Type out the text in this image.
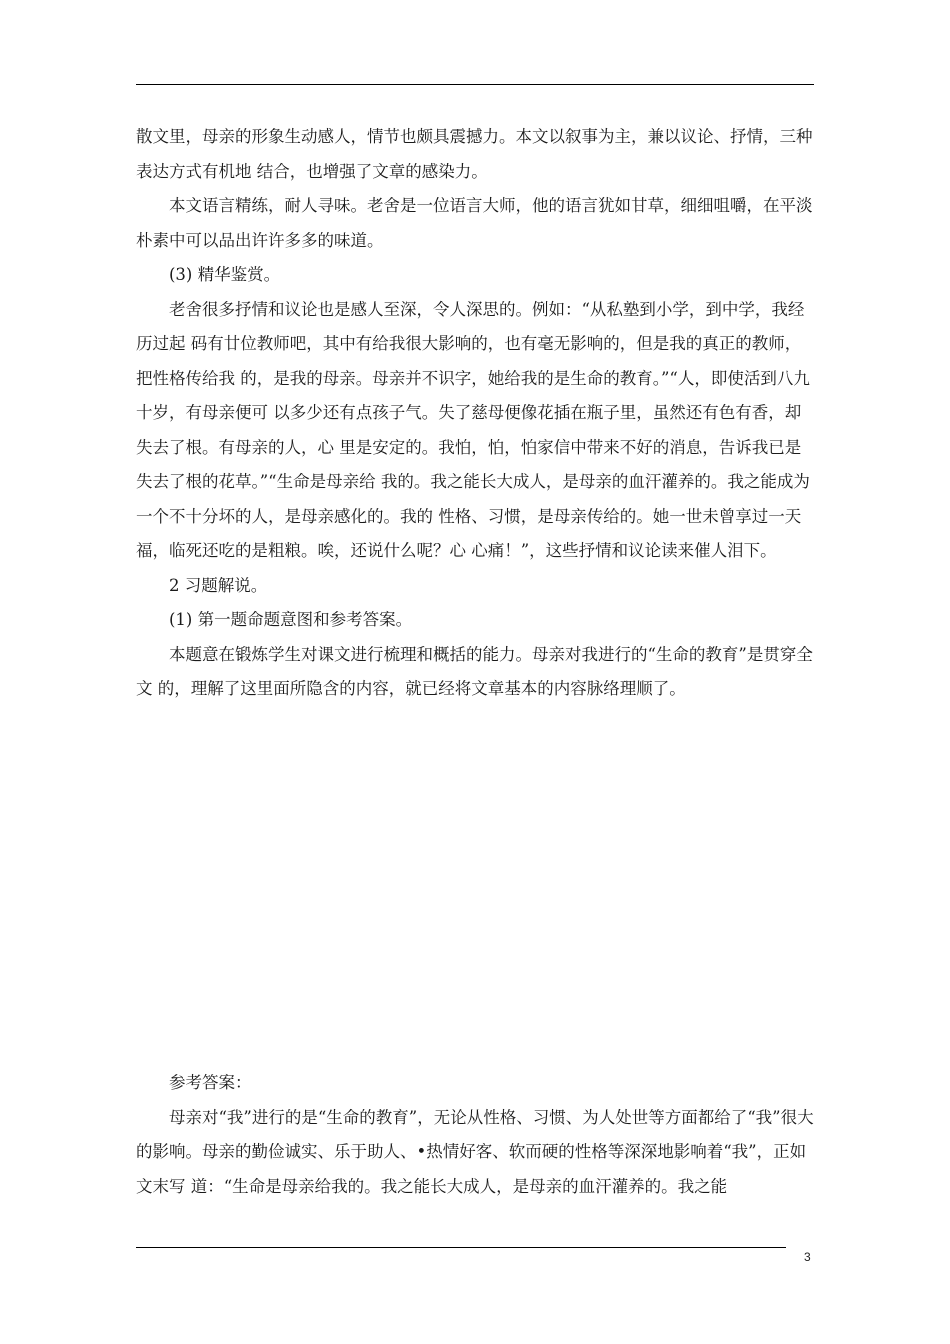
散文里，母亲的形象生动感人，情节也颇具震撼力。本文以叙事为主，兼以议论、抒情，三种表达方式有机地 结合，也增强了文章的感染力。

本文语言精练，耐人寻味。老舍是一位语言大师，他的语言犹如甘草，细细咀嚼，在平淡朴素中可以品出许许多多的味道。

(3) 精华鉴赏。

老舍很多抒情和议论也是感人至深，令人深思的。例如：“从私塾到小学，到中学，我经历过起 码有廿位教师吧，其中有给我很大影响的，也有毫无影响的，但是我的真正的教师，把性格传给我 的，是我的母亲。母亲并不识字，她给我的是生命的教育。”“人，即使活到八九十岁，有母亲便可 以多少还有点孩子气。失了慈母便像花插在瓶子里，虽然还有色有香，却失去了根。有母亲的人，心 里是安定的。我怕，怕，怕家信中带来不好的消息，告诉我已是失去了根的花草。”“生命是母亲给 我的。我之能长大成人，是母亲的血汗灌养的。我之能成为一个不十分坏的人，是母亲感化的。我的 性格、习惯，是母亲传给的。她一世未曾享过一天福，临死还吃的是粗粮。唉，还说什么呢？心 心痛！”，这些抒情和议论读来催人泪下。

2 习题解说。

(1) 第一题命题意图和参考答案。

本题意在锻炼学生对课文进行梳理和概括的能力。母亲对我进行的“生命的教育”是贯穿全文 的，理解了这里面所隐含的内容，就已经将文章基本的内容脉络理顺了。

参考答案：

母亲对“我”进行的是“生命的教育”，无论从性格、习惯、为人处世等方面都给了“我”很大的影响。母亲的勤俭诚实、乐于助人、•热情好客、软而硬的性格等深深地影响着“我”，正如文末写 道：“生命是母亲给我的。我之能长大成人，是母亲的血汗灌养的。我之能

3
